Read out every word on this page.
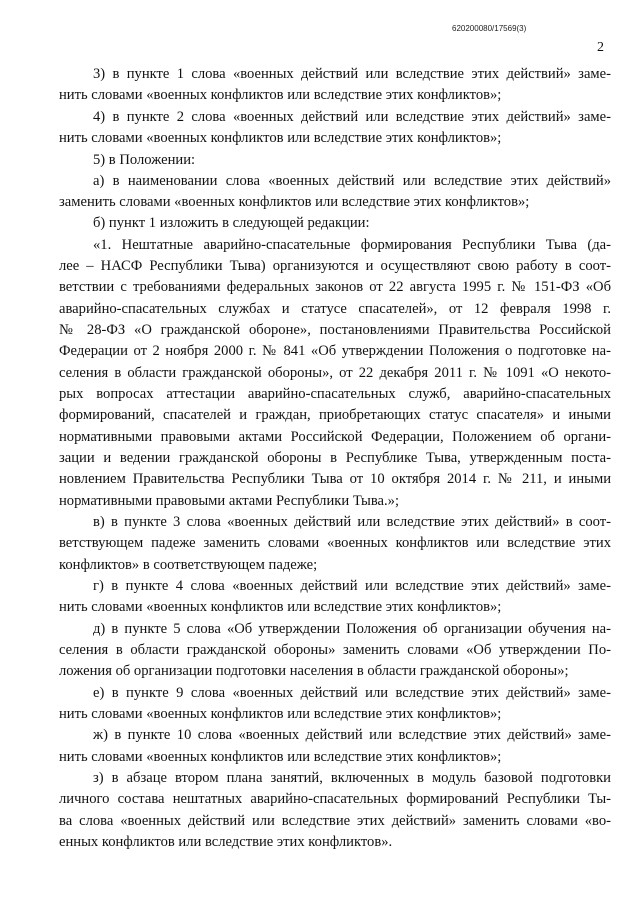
620200080/17569(3)
2
3) в пункте 1 слова «военных действий или вследствие этих действий» заме-
нить словами «военных конфликтов или вследствие этих конфликтов»;
4) в пункте 2 слова «военных действий или вследствие этих действий» заме-
нить словами «военных конфликтов или вследствие этих конфликтов»;
5) в Положении:
а) в наименовании слова «военных действий или вследствие этих действий»
заменить словами «военных конфликтов или вследствие этих конфликтов»;
б) пункт 1 изложить в следующей редакции:
«1. Нештатные аварийно-спасательные формирования Республики Тыва (да-
лее – НАСФ Республики Тыва) организуются и осуществляют свою работу в соот-
ветствии с требованиями федеральных законов от 22 августа 1995 г. № 151-ФЗ «Об
аварийно-спасательных службах и статусе спасателей», от 12 февраля 1998 г.
№ 28-ФЗ «О гражданской обороне», постановлениями Правительства Российской
Федерации от 2 ноября 2000 г. № 841 «Об утверждении Положения о подготовке на-
селения в области гражданской обороны», от 22 декабря 2011 г. № 1091 «О некото-
рых вопросах аттестации аварийно-спасательных служб, аварийно-спасательных
формирований, спасателей и граждан, приобретающих статус спасателя» и иными
нормативными правовыми актами Российской Федерации, Положением об органи-
зации и ведении гражданской обороны в Республике Тыва, утвержденным поста-
новлением Правительства Республики Тыва от 10 октября 2014 г. № 211, и иными
нормативными правовыми актами Республики Тыва.»;
в) в пункте 3 слова «военных действий или вследствие этих действий» в соот-
ветствующем падеже заменить словами «военных конфликтов или вследствие этих
конфликтов» в соответствующем падеже;
г) в пункте 4 слова «военных действий или вследствие этих действий» заме-
нить словами «военных конфликтов или вследствие этих конфликтов»;
д) в пункте 5 слова «Об утверждении Положения об организации обучения на-
селения в области гражданской обороны» заменить словами «Об утверждении По-
ложения об организации подготовки населения в области гражданской обороны»;
е) в пункте 9 слова «военных действий или вследствие этих действий» заме-
нить словами «военных конфликтов или вследствие этих конфликтов»;
ж) в пункте 10 слова «военных действий или вследствие этих действий» заме-
нить словами «военных конфликтов или вследствие этих конфликтов»;
з) в абзаце втором плана занятий, включенных в модуль базовой подготовки
личного состава нештатных аварийно-спасательных формирований Республики Ты-
ва слова «военных действий или вследствие этих действий» заменить словами «во-
енных конфликтов или вследствие этих конфликтов».
